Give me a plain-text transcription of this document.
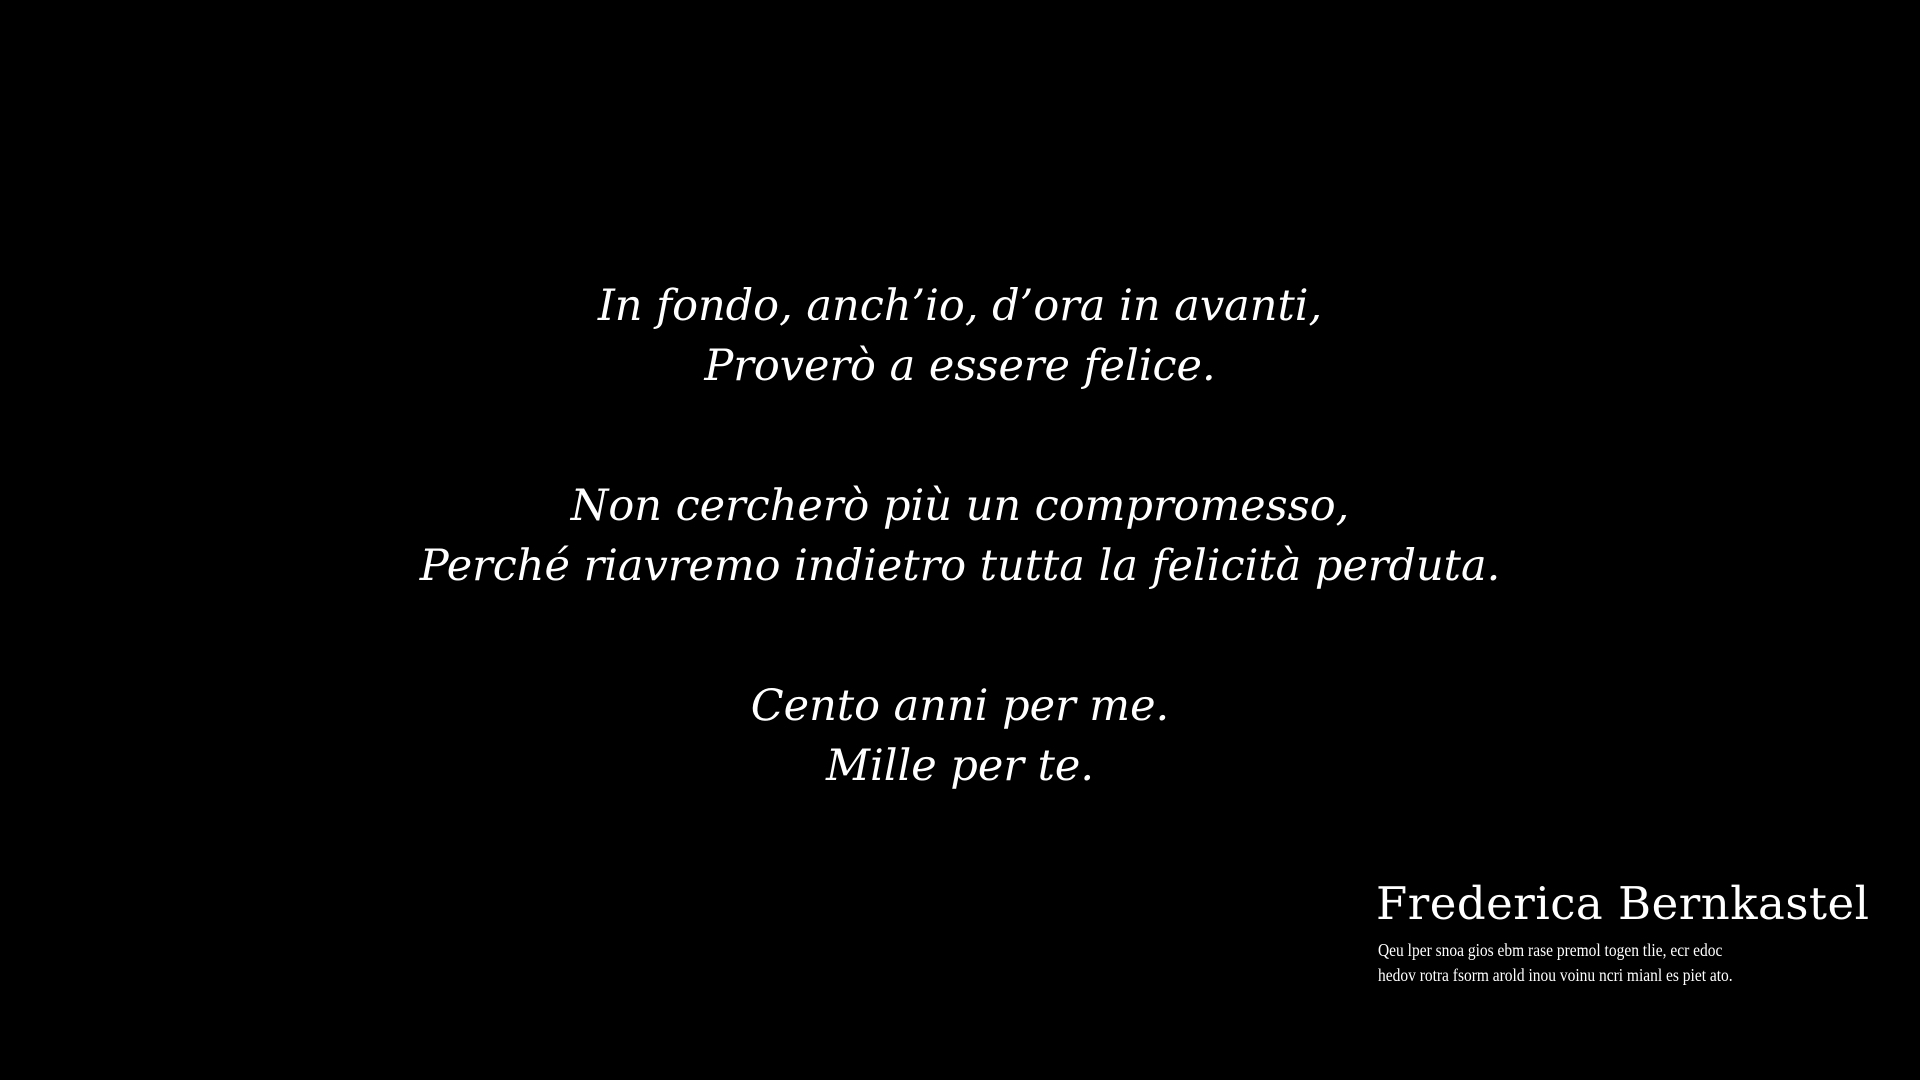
In fondo, anch’io, d’ora in avanti,
Proverò a essere felice.
Non cercherò più un compromesso,
Perché riavremo indietro tutta la felicità perduta.
Cento anni per me.
Mille per te.
Frederica Bernkastel
Qeu lper snoa gios ebm rase premol togen tlie, ecr edoc
hedov rotra fsorm arold inou voinu ncri mianl es piet ato.
